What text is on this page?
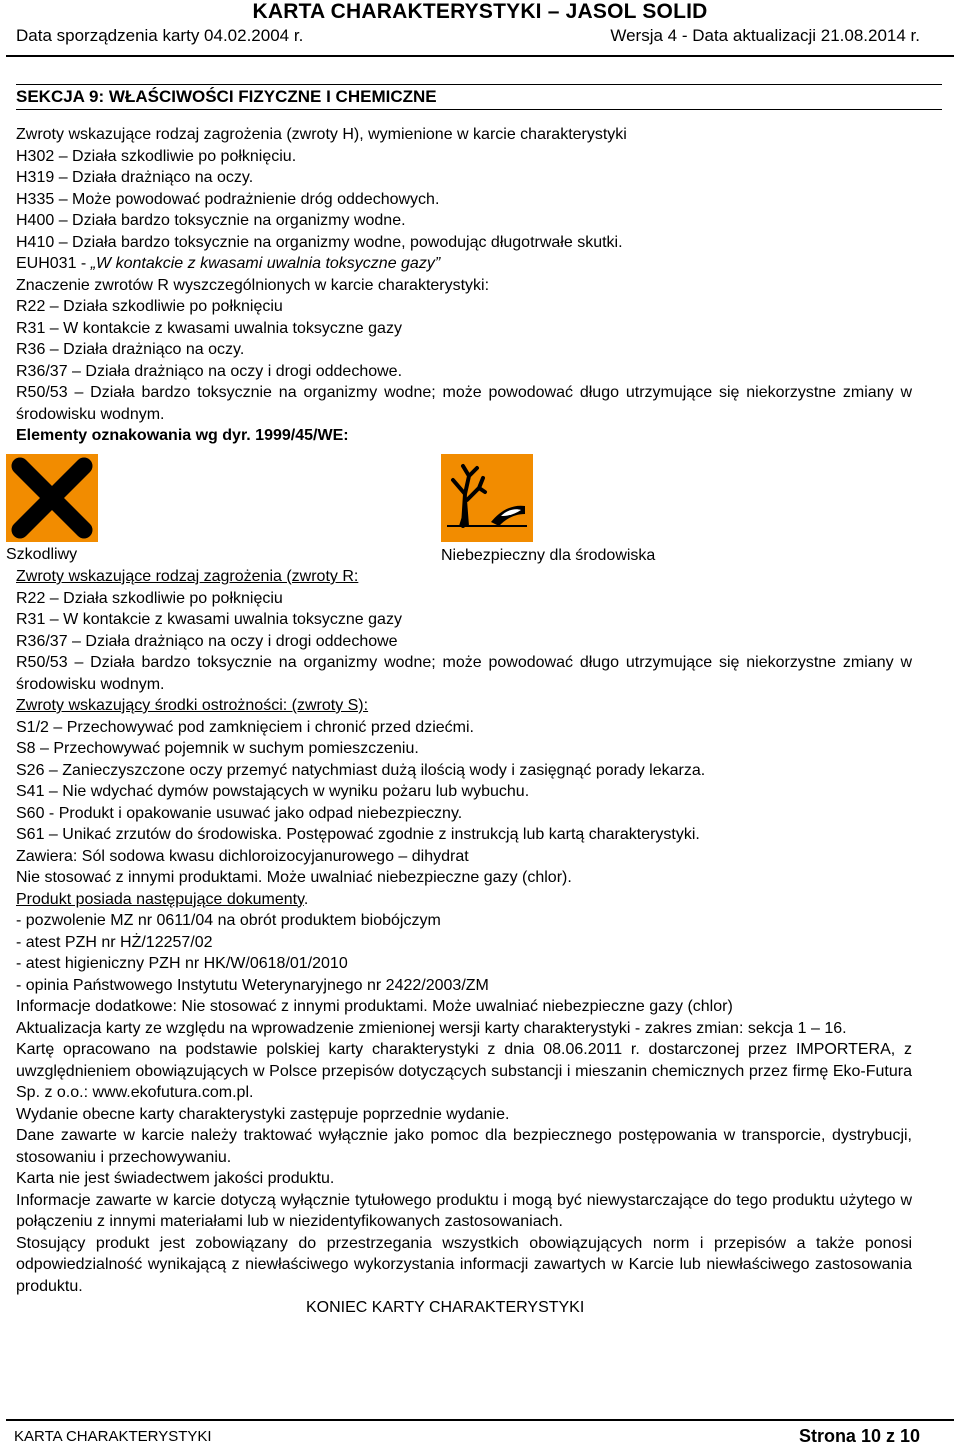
KARTA CHARAKTERYSTYKI – JASOL SOLID
Data sporządzenia karty 04.02.2004 r.	Wersja 4 - Data aktualizacji 21.08.2014 r.
SEKCJA 9: WŁAŚCIWOŚCI FIZYCZNE I CHEMICZNE
Zwroty wskazujące rodzaj zagrożenia (zwroty H), wymienione w karcie charakterystyki
H302 – Działa szkodliwie po połknięciu.
H319 – Działa drażniąco na oczy.
H335 – Może powodować podrażnienie dróg oddechowych.
H400 – Działa bardzo toksycznie na organizmy wodne.
H410 – Działa bardzo toksycznie na organizmy wodne, powodując długotrwałe skutki.
EUH031 - „W kontakcie z kwasami uwalnia toksyczne gazy”
Znaczenie zwrotów R wyszczególnionych w karcie charakterystyki:
R22 – Działa szkodliwie po połknięciu
R31 – W kontakcie z kwasami uwalnia toksyczne gazy
R36 – Działa drażniąco na oczy.
R36/37 – Działa drażniąco na oczy i drogi oddechowe.
R50/53 – Działa bardzo toksycznie na organizmy wodne; może powodować długo utrzymujące się niekorzystne zmiany w środowisku wodnym.
Elementy oznakowania wg dyr. 1999/45/WE:
Szkodliwy	Niebezpieczny dla środowiska
Zwroty wskazujące rodzaj zagrożenia (zwroty R:
R22 – Działa szkodliwie po połknięciu
R31 – W kontakcie z kwasami uwalnia toksyczne gazy
R36/37 – Działa drażniąco na oczy i drogi oddechowe
R50/53 – Działa bardzo toksycznie na organizmy wodne; może powodować długo utrzymujące się niekorzystne zmiany w środowisku wodnym.
Zwroty wskazujący środki ostrożności: (zwroty S):
S1/2 – Przechowywać pod zamknięciem i chronić przed dziećmi.
S8 – Przechowywać pojemnik w suchym pomieszczeniu.
S26 – Zanieczyszczone oczy przemyć natychmiast dużą ilością wody i zasięgnąć porady lekarza.
S41 – Nie wdychać dymów powstających w wyniku pożaru lub wybuchu.
S60 - Produkt i opakowanie usuwać jako odpad niebezpieczny.
S61 – Unikać zrzutów do środowiska. Postępować zgodnie z instrukcją lub kartą charakterystyki.
Zawiera: Sól sodowa kwasu dichloroizocyjanurowego – dihydrat
Nie stosować z innymi produktami. Może uwalniać niebezpieczne gazy (chlor).
Produkt posiada następujące dokumenty.
- pozwolenie MZ nr 0611/04 na obrót produktem biobójczym
- atest PZH nr HŻ/12257/02
- atest higieniczny PZH nr HK/W/0618/01/2010
- opinia Państwowego Instytutu Weterynaryjnego nr 2422/2003/ZM
Informacje dodatkowe: Nie stosować z innymi produktami. Może uwalniać niebezpieczne gazy (chlor)
Aktualizacja karty ze względu na wprowadzenie zmienionej wersji karty charakterystyki - zakres zmian: sekcja 1 – 16.
Kartę opracowano na podstawie polskiej karty charakterystyki z dnia 08.06.2011 r. dostarczonej przez IMPORTERA, z uwzględnieniem obowiązujących w Polsce przepisów dotyczących substancji i mieszanin chemicznych przez firmę Eko-Futura Sp. z o.o.: www.ekofutura.com.pl.
Wydanie obecne karty charakterystyki zastępuje poprzednie wydanie.
Dane zawarte w karcie należy traktować wyłącznie jako pomoc dla bezpiecznego postępowania w transporcie, dystrybucji, stosowaniu i przechowywaniu.
Karta nie jest świadectwem jakości produktu.
Informacje zawarte w karcie dotyczą wyłącznie tytułowego produktu i mogą być niewystarczające do tego produktu użytego w połączeniu z innymi materiałami lub w niezidentyfikowanych zastosowaniach.
Stosujący produkt jest zobowiązany do przestrzegania wszystkich obowiązujących norm i przepisów a także ponosi odpowiedzialność wynikającą z niewłaściwego wykorzystania informacji zawartych w Karcie lub niewłaściwego zastosowania produktu.
KONIEC KARTY CHARAKTERYSTYKI
KARTA CHARAKTERYSTYKI	Strona 10 z 10
